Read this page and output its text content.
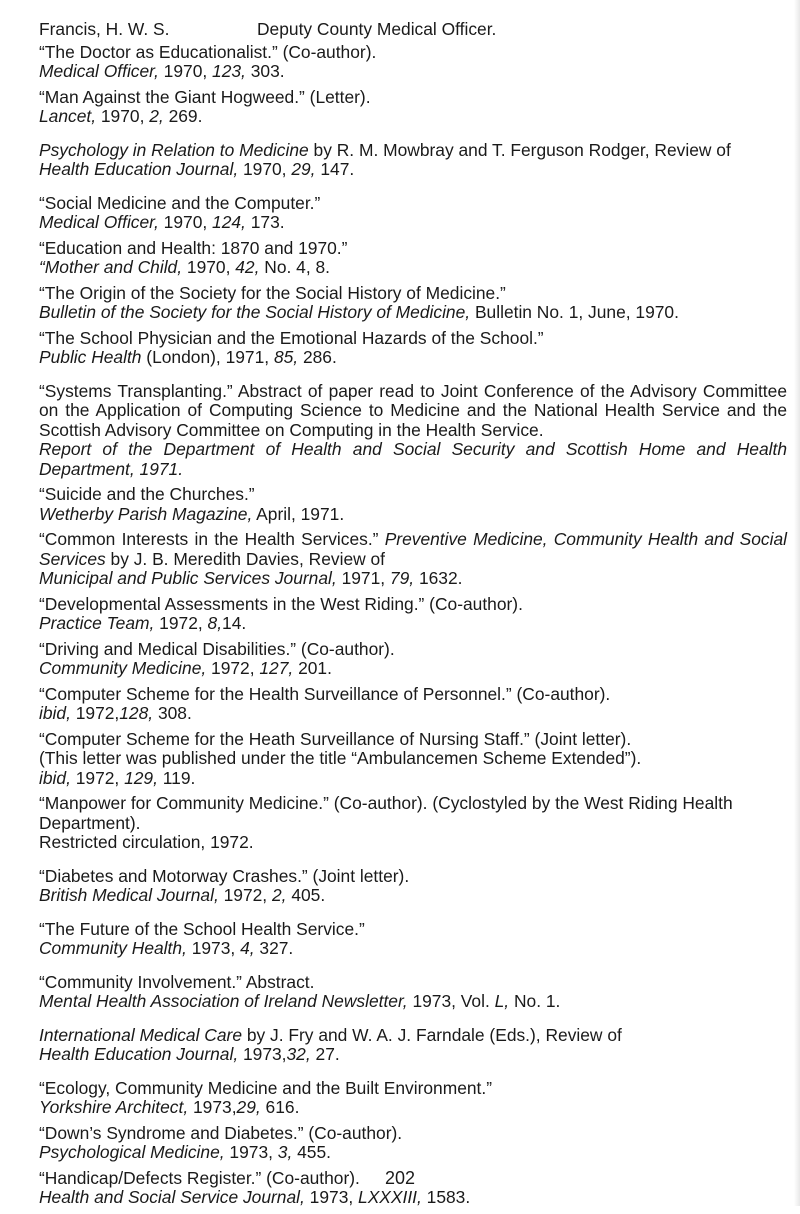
Francis, H. W. S.	Deputy County Medical Officer.
“The Doctor as Educationalist.” (Co-author).
Medical Officer, 1970, 123, 303.
“Man Against the Giant Hogweed.” (Letter).
Lancet, 1970, 2, 269.
Psychology in Relation to Medicine by R. M. Mowbray and T. Ferguson Rodger, Review of
Health Education Journal, 1970, 29, 147.
“Social Medicine and the Computer.”
Medical Officer, 1970, 124, 173.
“Education and Health: 1870 and 1970.”
“Mother and Child, 1970, 42, No. 4, 8.
“The Origin of the Society for the Social History of Medicine.”
Bulletin of the Society for the Social History of Medicine, Bulletin No. 1, June, 1970.
“The School Physician and the Emotional Hazards of the School.”
Public Health (London), 1971, 85, 286.
“Systems Transplanting.” Abstract of paper read to Joint Conference of the Advisory Committee on the Application of Computing Science to Medicine and the National Health Service and the Scottish Advisory Committee on Computing in the Health Service.
Report of the Department of Health and Social Security and Scottish Home and Health Department, 1971.
“Suicide and the Churches.”
Wetherby Parish Magazine, April, 1971.
“Common Interests in the Health Services.” Preventive Medicine, Community Health and Social Services by J. B. Meredith Davies, Review of
Municipal and Public Services Journal, 1971, 79, 1632.
“Developmental Assessments in the West Riding.” (Co-author).
Practice Team, 1972, 8,14.
“Driving and Medical Disabilities.” (Co-author).
Community Medicine, 1972, 127, 201.
“Computer Scheme for the Health Surveillance of Personnel.” (Co-author).
ibid, 1972,128, 308.
“Computer Scheme for the Heath Surveillance of Nursing Staff.” (Joint letter).
(This letter was published under the title “Ambulancemen Scheme Extended”).
ibid, 1972, 129, 119.
“Manpower for Community Medicine.” (Co-author). (Cyclostyled by the West Riding Health
Department).
Restricted circulation, 1972.
“Diabetes and Motorway Crashes.” (Joint letter).
British Medical Journal, 1972, 2, 405.
“The Future of the School Health Service.”
Community Health, 1973, 4, 327.
“Community Involvement.” Abstract.
Mental Health Association of Ireland Newsletter, 1973, Vol. L, No. 1.
International Medical Care by J. Fry and W. A. J. Farndale (Eds.), Review of
Health Education Journal, 1973,32, 27.
“Ecology, Community Medicine and the Built Environment.”
Yorkshire Architect, 1973,29, 616.
“Down’s Syndrome and Diabetes.” (Co-author).
Psychological Medicine, 1973, 3, 455.
“Handicap/Defects Register.” (Co-author).
Health and Social Service Journal, 1973, LXXXIII, 1583.
202
